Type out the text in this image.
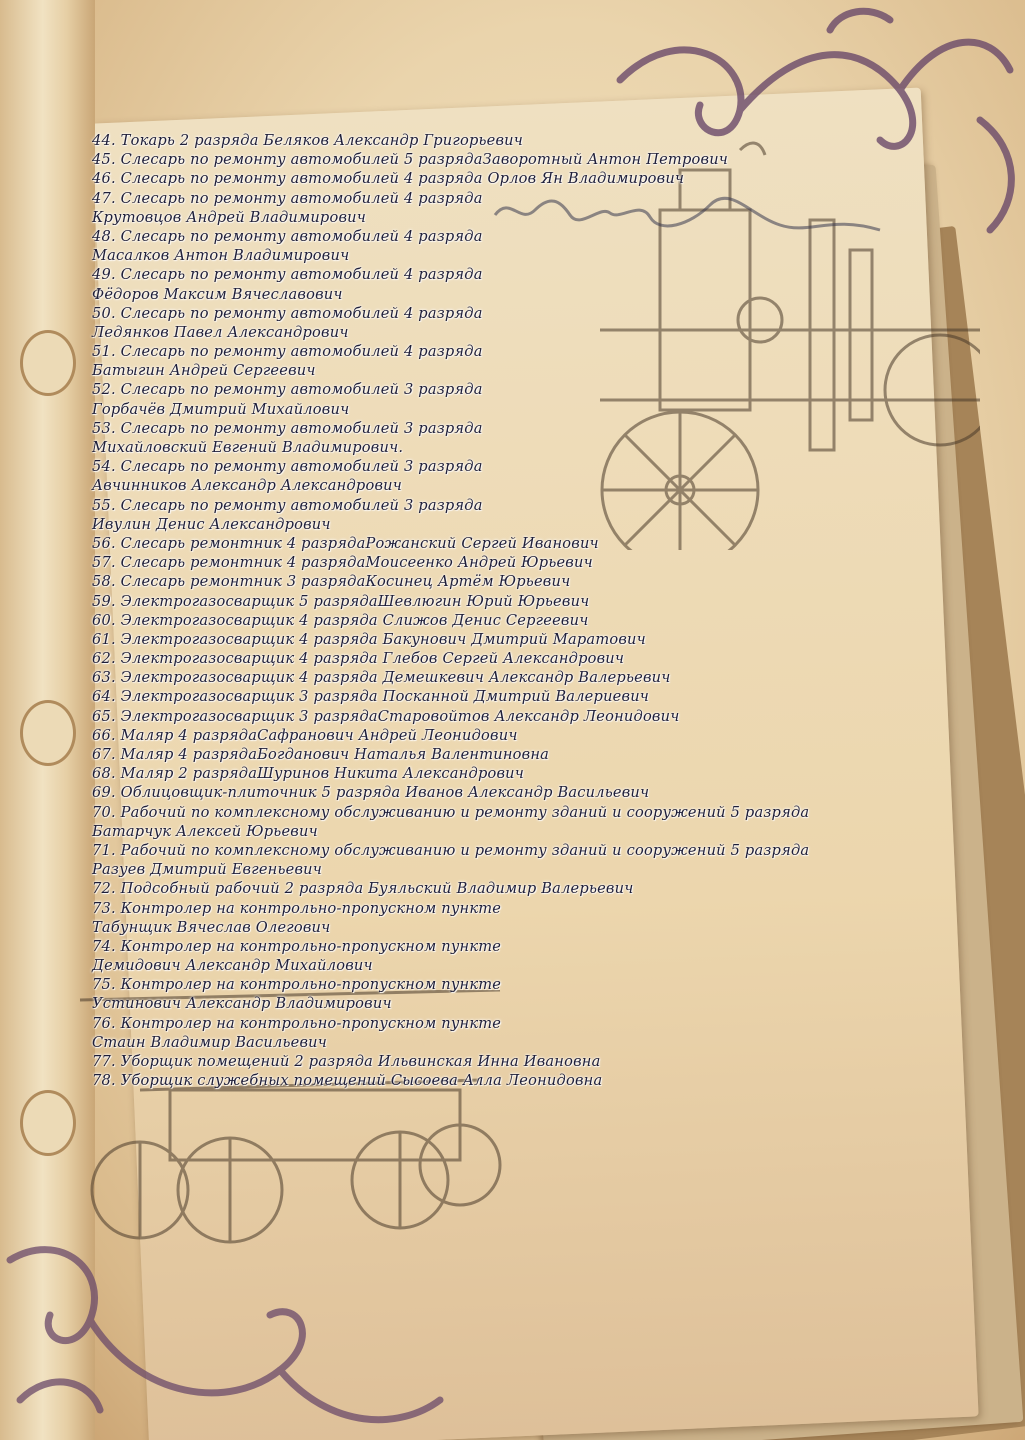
44. Токарь 2 разряда Беляков Александр Григорьевич
45. Слесарь по ремонту автомобилей 5 разрядаЗаворотный Антон Петрович
46. Слесарь по ремонту автомобилей 4 разряда Орлов Ян Владимирович
47. Слесарь по ремонту автомобилей 4 разряда
Крутовцов Андрей Владимирович
48. Слесарь по ремонту автомобилей 4 разряда
Масалков Антон Владимирович
49. Слесарь по ремонту автомобилей 4 разряда
Фёдоров Максим Вячеславович
50. Слесарь по ремонту автомобилей 4 разряда
Ледянков Павел Александрович
51. Слесарь по ремонту автомобилей 4 разряда
Батыгин Андрей Сергеевич
52. Слесарь по ремонту автомобилей 3 разряда
Горбачёв Дмитрий Михайлович
53. Слесарь по ремонту автомобилей 3 разряда
Михайловский Евгений Владимирович.
54. Слесарь по ремонту автомобилей 3 разряда
Авчинников Александр Александрович
55. Слесарь по ремонту автомобилей 3 разряда
Ивулин Денис Александрович
56. Слесарь ремонтник 4 разрядаРожанский Сергей Иванович
57. Слесарь ремонтник 4 разрядаМоисеенко Андрей Юрьевич
58. Слесарь ремонтник 3 разрядаКосинец Артём Юрьевич
59. Электрогазосварщик 5 разрядаШевлюгин Юрий Юрьевич
60. Электрогазосварщик 4 разряда Слижов Денис Сергеевич
61. Электрогазосварщик 4 разряда Бакунович Дмитрий Маратович
62. Электрогазосварщик 4 разряда Глебов Сергей Александрович
63. Электрогазосварщик 4 разряда Демешкевич Александр Валерьевич
64. Электрогазосварщик 3 разряда Посканной Дмитрий Валериевич
65. Электрогазосварщик 3 разрядаСтаровойтов Александр Леонидович
66. Маляр 4 разрядаСафранович Андрей Леонидович
67. Маляр 4 разрядаБогданович Наталья Валентиновна
68. Маляр 2 разрядаШуринов Никита Александрович
69. Облицовщик-плиточник 5 разряда Иванов Александр Васильевич
70. Рабочий по комплексному обслуживанию и ремонту зданий и сооружений 5 разряда
Батарчук Алексей Юрьевич
71. Рабочий по комплексному обслуживанию и ремонту зданий и сооружений 5 разряда
Разуев Дмитрий Евгеньевич
72. Подсобный рабочий 2 разряда Буяльский Владимир Валерьевич
73. Контролер на контрольно-пропускном пункте
Табунщик Вячеслав Олегович
74. Контролер на контрольно-пропускном пункте
Демидович Александр Михайлович
75. Контролер на контрольно-пропускном пункте
Устинович Александр Владимирович
76. Контролер на контрольно-пропускном пункте
Стаин Владимир Васильевич
77. Уборщик помещений 2 разряда Ильвинская Инна Ивановна
78. Уборщик служебных помещений Сысоева Алла Леонидовна
